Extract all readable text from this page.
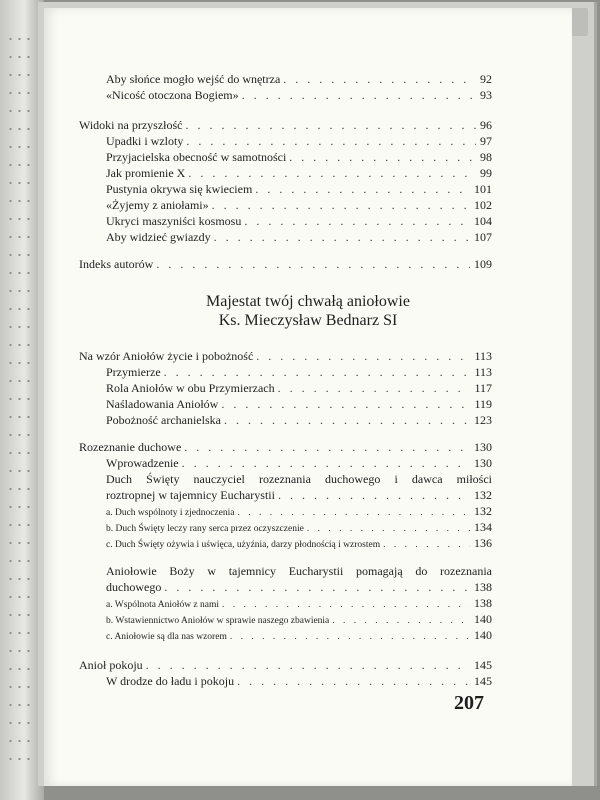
Aby słońce mogło wejść do wnętrza . . .	92
«Nicość otoczona Bogiem» . . .	93
Widoki na przyszłość . . .	96
Upadki i wzloty . . .	97
Przyjacielska obecność w samotności . . .	98
Jak promienie X . . .	99
Pustynia okrywa się kwieciem . . .	101
«Żyjemy z aniołami» . . .	102
Ukryci maszyniści kosmosu . . .	104
Aby widzieć gwiazdy . . .	107
Indeks autorów . . .	109
Majestat twój chwałą aniołowie
Ks. Mieczysław Bednarz SI
Na wzór Aniołów życie i pobożność . . .	113
Przymierze . . .	113
Rola Aniołów w obu Przymierzach . . .	117
Naśladowania Aniołów . . .	119
Pobożność archanielska . . .	123
Rozeznanie duchowe . . .	130
Wprowadzenie . . .	130
Duch Święty nauczyciel rozeznania duchowego i dawca miłości
roztropnej w tajemnicy Eucharystii . . .	132
a. Duch wspólnoty i zjednoczenia . . .	132
b. Duch Święty leczy rany serca przez oczyszczenie . . .	134
c. Duch Święty ożywia i uświęca, użyźnia, darzy płodnością i wzrostem . . .	136
Aniołowie Boży w tajemnicy Eucharystii pomagają do rozeznania
duchowego . . .	138
a. Wspólnota Aniołów z nami . . .	138
b. Wstawiennictwo Aniołów w sprawie naszego zbawienia . . .	140
c. Aniołowie są dla nas wzorem . . .	140
Anioł pokoju . . .	145
W drodze do ładu i pokoju . . .	145
207
